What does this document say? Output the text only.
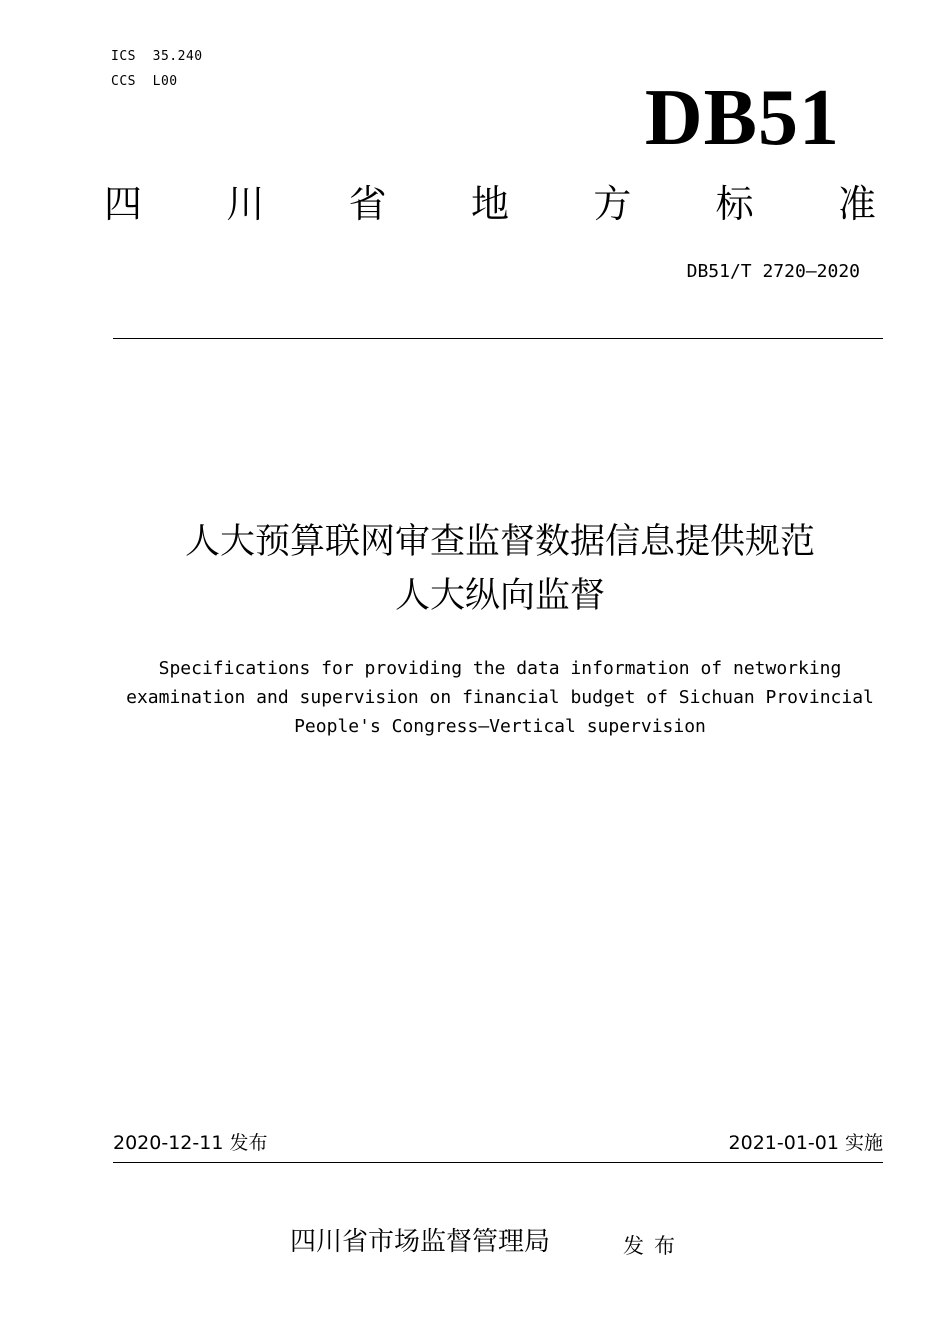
ICS  35.240
CCS  L00	DB51
四 川 省 地 方 标 准
DB51/T 2720—2020
人大预算联网审查监督数据信息提供规范
人大纵向监督
Specifications for providing the data information of networking
examination and supervision on financial budget of Sichuan Provincial
People's Congress—Vertical supervision
2020-12-11 发布	2021-01-01 实施
四川省市场监督管理局	发布
